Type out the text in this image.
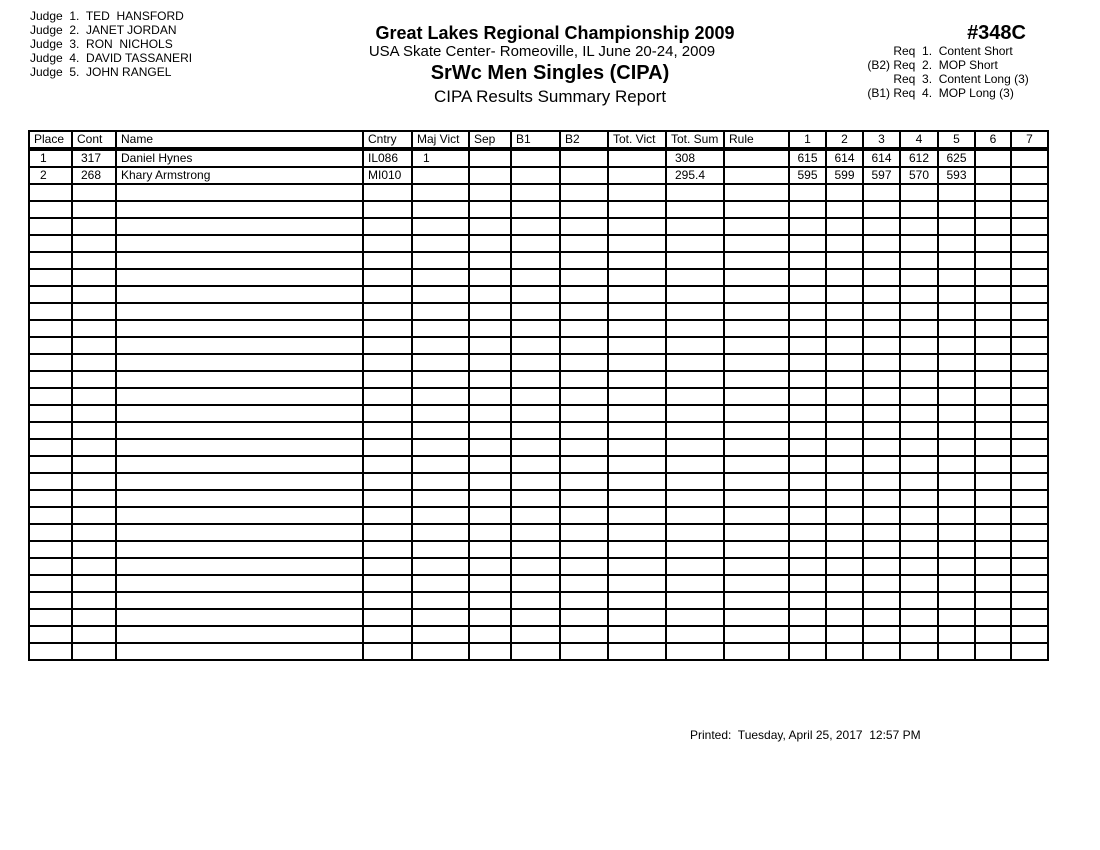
Judge  1.  TED  HANSFORD
Judge  2.  JANET JORDAN
Judge  3.  RON  NICHOLS
Judge  4.  DAVID TASSANERI
Judge  5.  JOHN RANGEL
Great Lakes Regional Championship 2009
USA Skate Center- Romeoville, IL June 20-24, 2009
SrWc Men Singles (CIPA)
CIPA Results Summary Report
#348C
Req  1.  Content Short
(B2) Req  2.  MOP Short
Req  3.  Content Long (3)
(B1) Req  4.  MOP Long (3)
Place	Cont	Name	Cntry	Maj Vict	Sep	B1	B2	Tot. Vict	Tot. Sum	Rule	1	2	3	4	5	6	7
1	317	Daniel Hynes	IL086	1					308		615	614	614	612	625		
2	268	Khary Armstrong	MI010						295.4		595	599	597	570	593		

Printed:  Tuesday, April 25, 2017  12:57 PM
